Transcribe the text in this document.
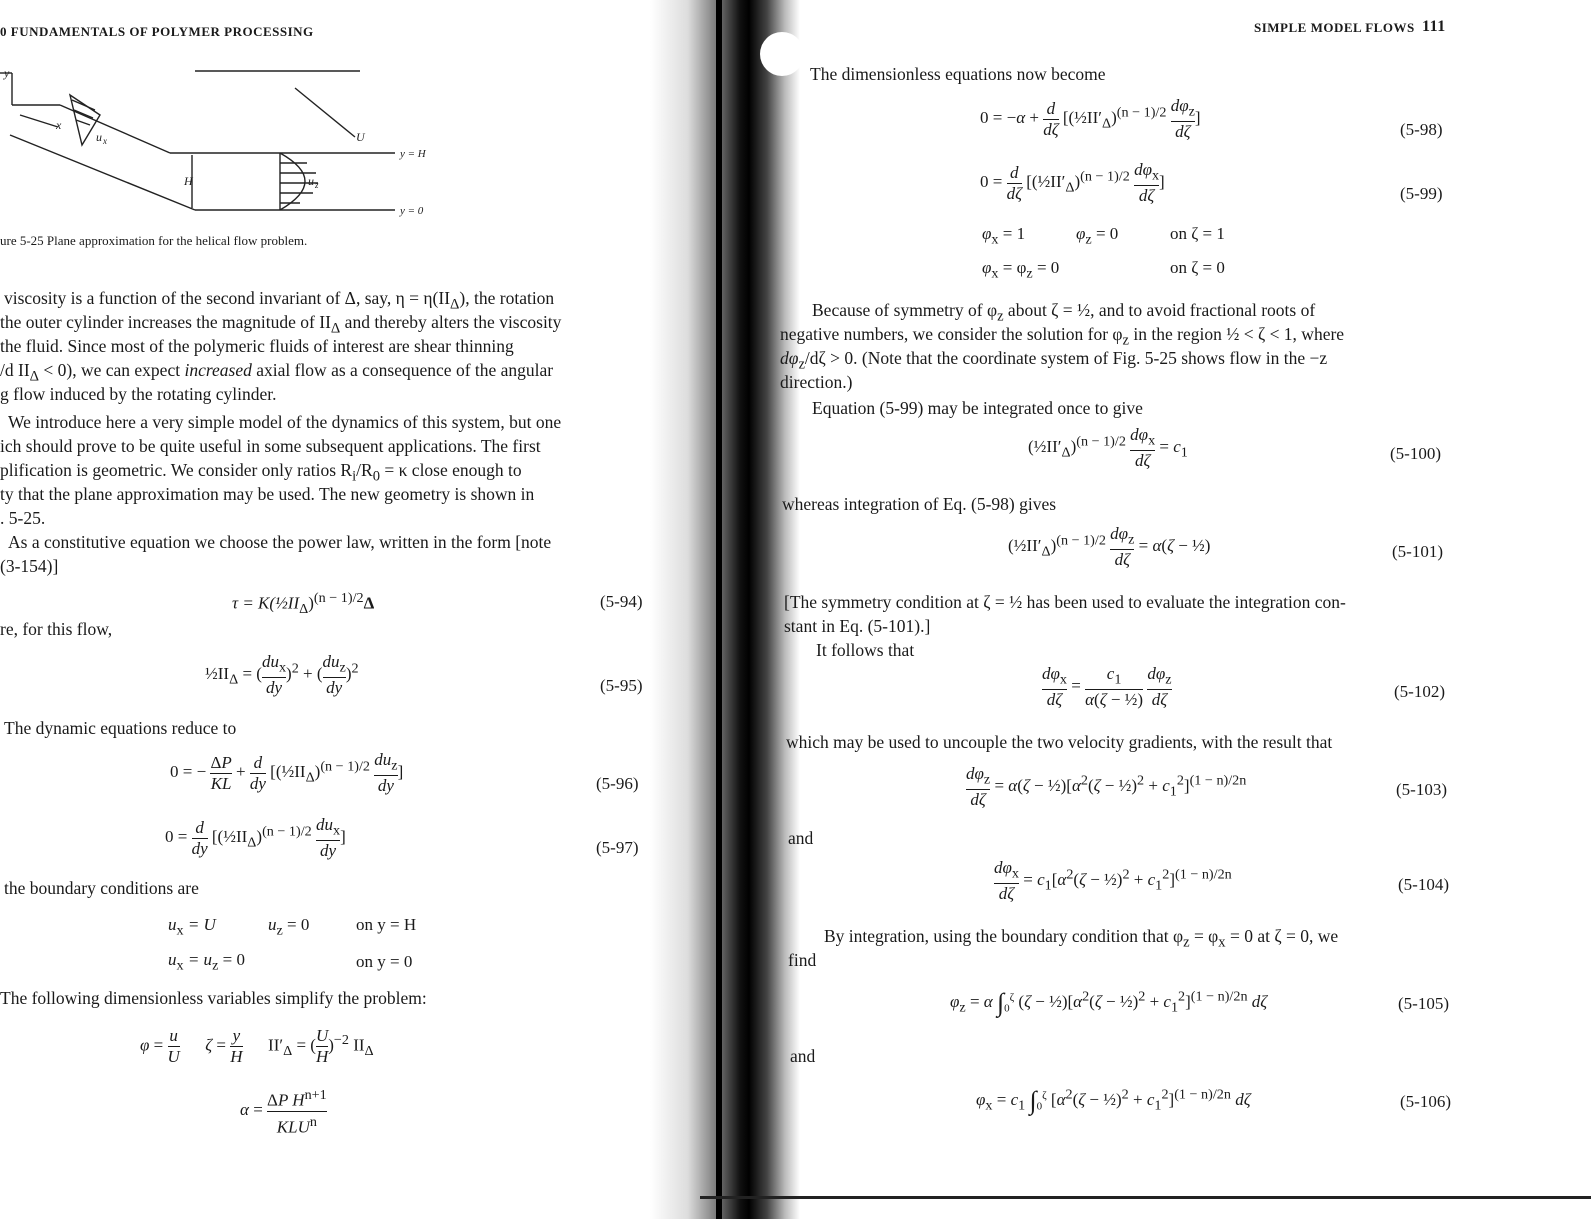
0 FUNDAMENTALS OF POLYMER PROCESSING
y
x
u x
u z
U
H
y = H
y = 0
ure 5-25 Plane approximation for the helical flow problem.
viscosity is a function of the second invariant of Δ, say, $\eta = \eta(II_\Delta)$, the rotation
the outer cylinder increases the magnitude of $II_\Delta$ and thereby alters the viscosity
the fluid. Since most of the polymeric fluids of interest are shear thinning
/d $II_\Delta < 0$), we can expect increased axial flow as a consequence of the angular
g flow induced by the rotating cylinder.
We introduce here a very simple model of the dynamics of this system, but one
ich should prove to be quite useful in some subsequent applications. The first
plification is geometric. We consider only ratios $R_i/R_0 = \kappa$ close enough to
ty that the plane approximation may be used. The new geometry is shown in
. 5-25.
As a constitutive equation we choose the power law, written in the form [note
(3-154)]
$\tau = K(\frac{1}{2}II_\Delta)^{(n - 1)/2}\Delta$	(5-94)
re, for this flow,
$\frac{1}{2}II_\Delta$ = ( $\frac{du_x}{dy} )^2$ + ( $\frac{du_z}{dy} )^2$
(5-95)
The dynamic equations reduce to
0 = − $\frac{\Delta P}{KL} + \frac{d}{dy}$ [$(\frac{1}{2}II_\Delta)^{(n - 1)/2} \frac{du_z}{dy}$ ]
(5-96)
$0 = \frac{d}{dy}$ [$(\frac{1}{2}II_\Delta)^{(n - 1)/2} \frac{du_x}{dy}$ ]
(5-97)
the boundary conditions are
$u_x = U$	$u_z = 0$	on y = H
$u_x = u_z = 0$	on y = 0
The following dimensionless variables simplify the problem:
$\varphi = \frac{u}{U}$ $\zeta = \frac{y}{H} II'_\Delta$ = ( $\frac{U}{H} )^{-2}$ $II_\Delta$
$\alpha = \frac{\Delta P H^{n+1}}{KLU^n}$
SIMPLE MODEL FLOWS 111
The dimensionless equations now become
$0 = -\alpha + \frac{d}{d\zeta}$ [$(\frac{1}{2}II'_\Delta)^{(n - 1)/2} \frac{d\varphi_z}{d\zeta}$ ]
(5-98)
$0 = \frac{d}{d\zeta}$ [$(\frac{1}{2}II'_\Delta)^{(n - 1)/2} \frac{d\varphi_x}{d\zeta}$ ]
(5-99)
$\varphi_x = 1$	$\varphi_z = 0$	on ζ = 1
$\varphi_x = \varphi_z = 0$	on ζ = 0
Because of symmetry of $\varphi_z$ about ζ = ½, and to avoid fractional roots of
negative numbers, we consider the solution for $\varphi_z$ in the region ½ < ζ < 1, where
$d\varphi_z/d\zeta > 0$. (Note that the coordinate system of Fig. 5-25 shows flow in the −z
direction.)
Equation (5-99) may be integrated once to give
$(\frac{1}{2}II'_\Delta)^{(n - 1)/2} \frac{d\varphi_x}{d\zeta} = c_1$	(5-100)
whereas integration of Eq. (5-98) gives
$(\frac{1}{2}II'_\Delta)^{(n - 1)/2} \frac{d\varphi_z}{d\zeta} = \alpha(\zeta$ − ½)	(5-101)
[The symmetry condition at ζ = ½ has been used to evaluate the integration con-
stant in Eq. (5-101).]
It follows that
$\frac{d\varphi_x}{d\zeta} = \frac{c_1}{\text{α(ζ − ½)}}$
$\frac{d\varphi_z}{d\zeta}$	(5-102)
which may be used to uncouple the two velocity gradients, with the result that
$\frac{d\varphi_z}{d\zeta} = \alpha(\zeta$ − $\frac{1}{2})[\alpha^2(\zeta$ − ½)$^2$ + $c_1^2]^{(1 - n)/2n}$	(5-103)
and
$\frac{d\varphi_x}{d\zeta} = c_1[\alpha^2(\zeta$ − ½)$^2$ + $c_1^2]^{(1 - n)/2n}$
(5-104)
By integration, using the boundary condition that $\varphi_z = \varphi_x = 0$ at ζ = 0, we
find
$\varphi_z = \alpha$ $\int_0^\zeta$ $(\zeta - \frac{1}{2})[\alpha^2(\zeta$ − ½)$^2$ + $c_1^2]^{(1 - n)/2n}$ dζ	(5-105)
and
$\varphi_x = c_1$ $\int_0^\zeta$ [$\alpha^2(\zeta$ − ½)$^2$ + $c_1^2]^{(1 - n)/2n}$ dζ	(5-106)
